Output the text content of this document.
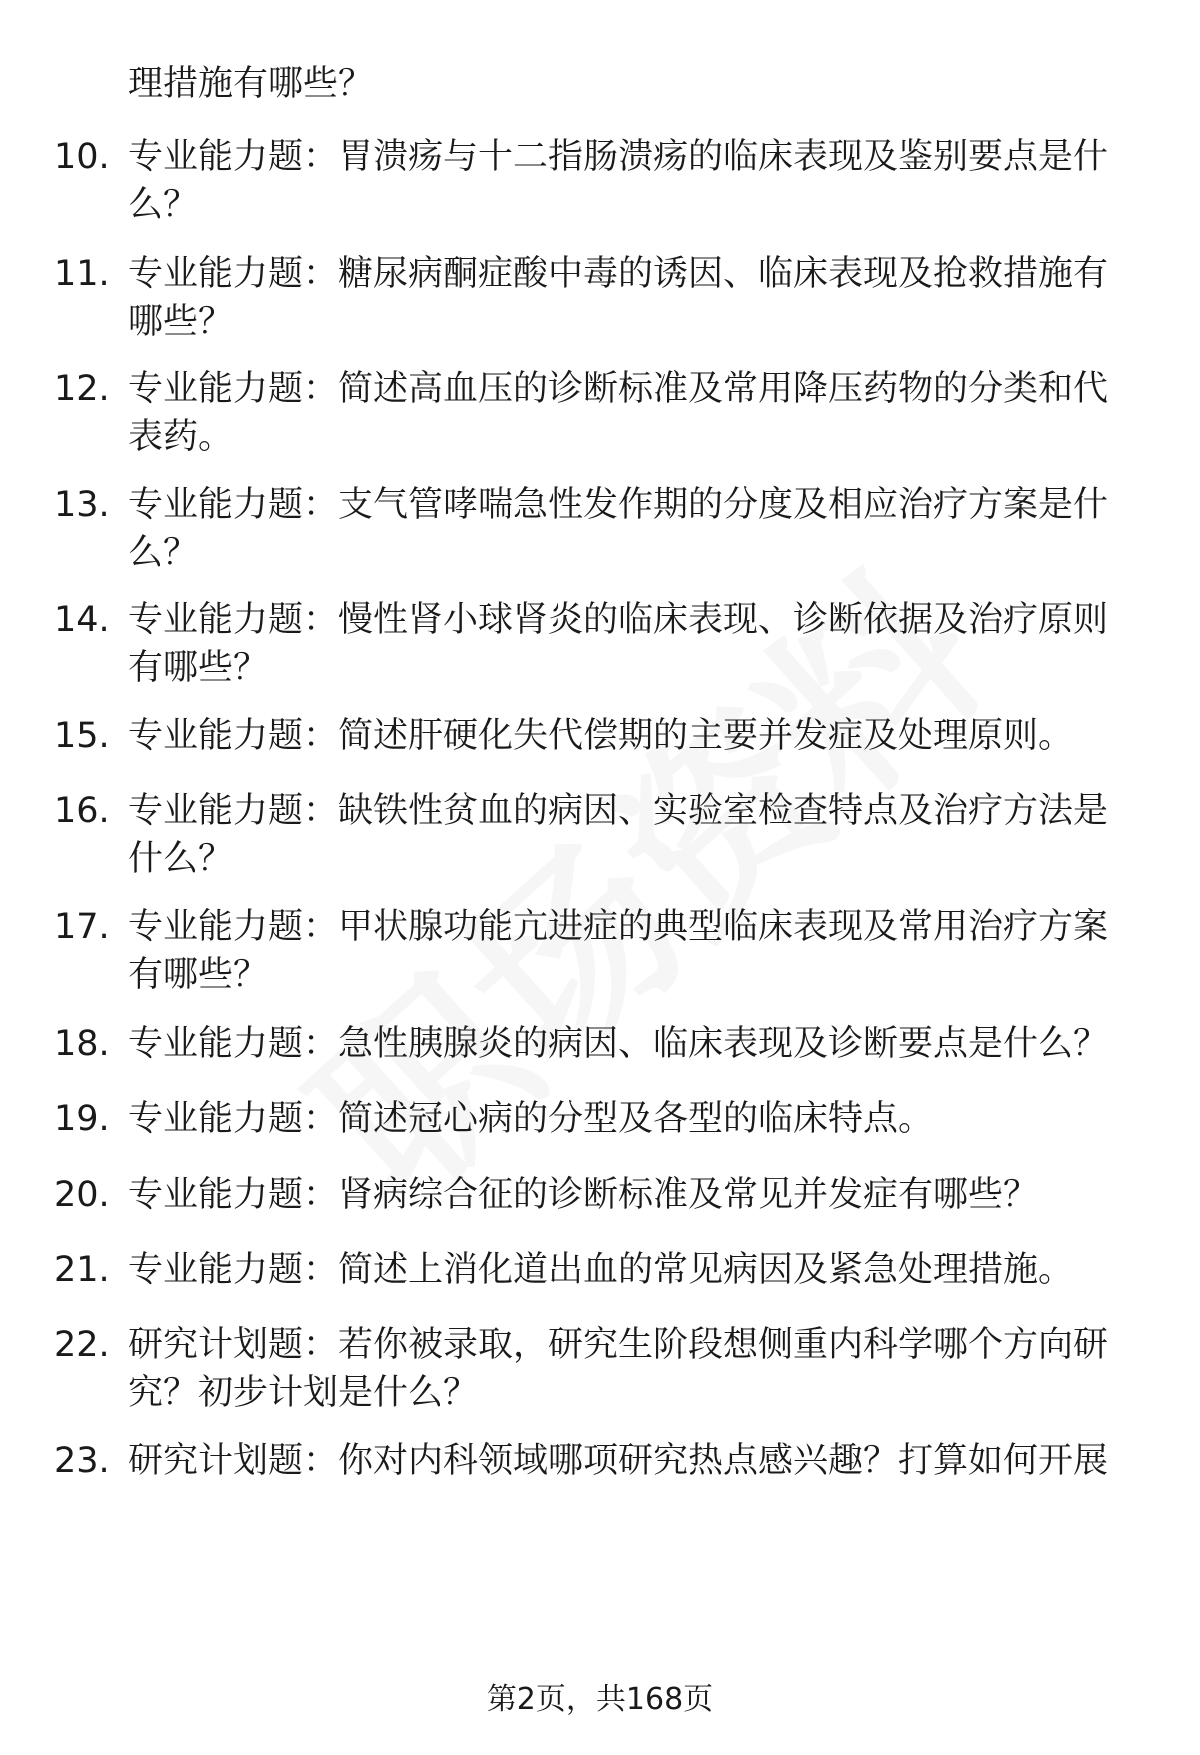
理措施有哪些？

10. 专业能力题：胃溃疡与十二指肠溃疡的临床表现及鉴别要点是什么？
11. 专业能力题：糖尿病酮症酸中毒的诱因、临床表现及抢救措施有哪些？
12. 专业能力题：简述高血压的诊断标准及常用降压药物的分类和代表药。
13. 专业能力题：支气管哮喘急性发作期的分度及相应治疗方案是什么？
14. 专业能力题：慢性肾小球肾炎的临床表现、诊断依据及治疗原则有哪些？
15. 专业能力题：简述肝硬化失代偿期的主要并发症及处理原则。
16. 专业能力题：缺铁性贫血的病因、实验室检查特点及治疗方法是什么？
17. 专业能力题：甲状腺功能亢进症的典型临床表现及常用治疗方案有哪些？
18. 专业能力题：急性胰腺炎的病因、临床表现及诊断要点是什么？
19. 专业能力题：简述冠心病的分型及各型的临床特点。
20. 专业能力题：肾病综合征的诊断标准及常见并发症有哪些？
21. 专业能力题：简述上消化道出血的常见病因及紧急处理措施。
22. 研究计划题：若你被录取，研究生阶段想侧重内科学哪个方向研究？初步计划是什么？
23. 研究计划题：你对内科领域哪项研究热点感兴趣？打算如何开展
第2页，共168页
